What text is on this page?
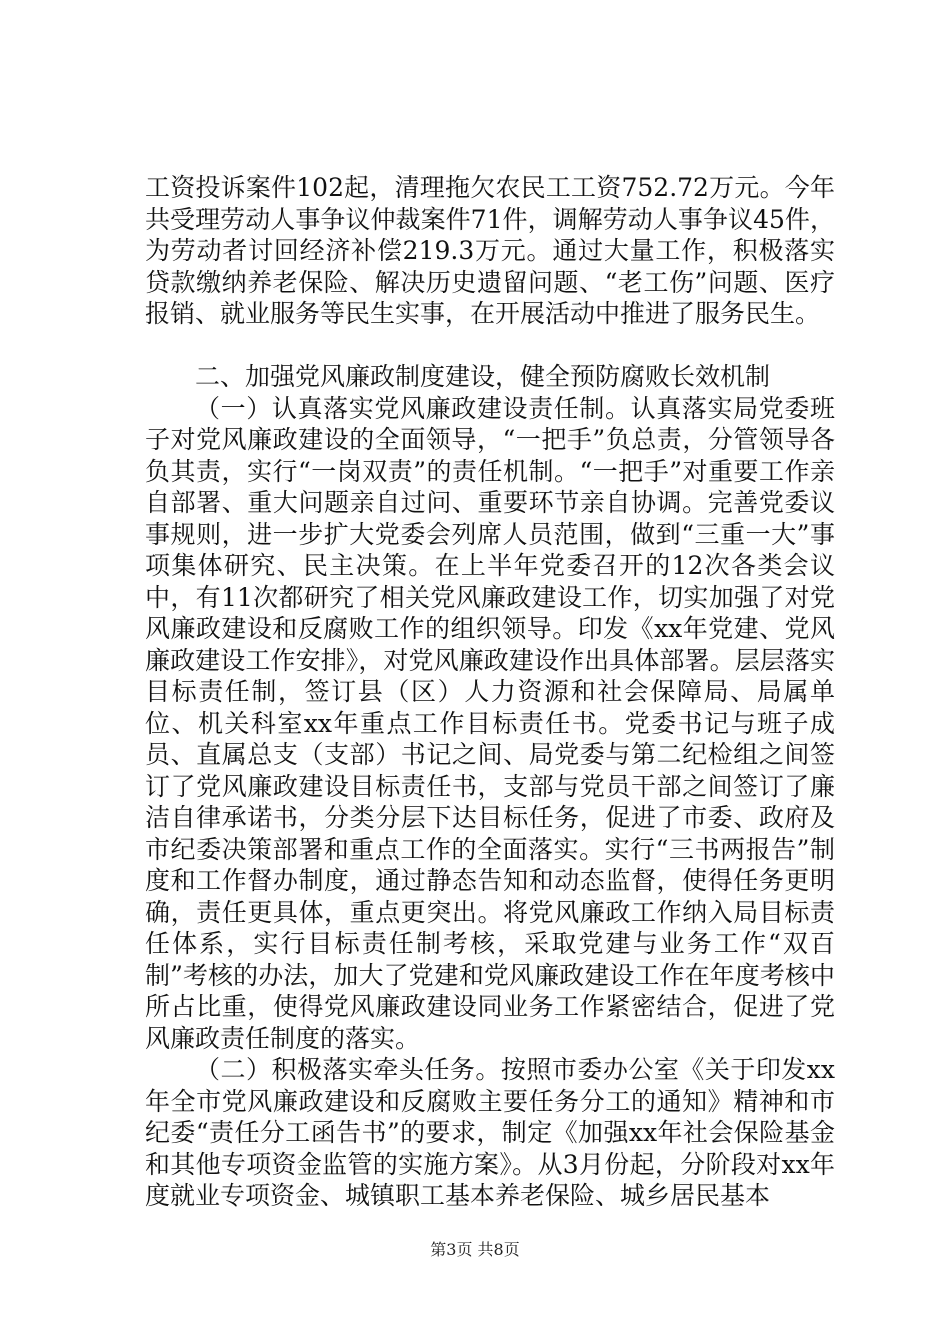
工资投诉案件102起，清理拖欠农民工工资752.72万元。今年共受理劳动人事争议仲裁案件71件，调解劳动人事争议45件，为劳动者讨回经济补偿219.3万元。通过大量工作，积极落实贷款缴纳养老保险、解决历史遗留问题、“老工伤”问题、医疗报销、就业服务等民生实事，在开展活动中推进了服务民生。

二、加强党风廉政制度建设，健全预防腐败长效机制

（一）认真落实党风廉政建设责任制。认真落实局党委班子对党风廉政建设的全面领导，“一把手”负总责，分管领导各负其责，实行“一岗双责”的责任机制。“一把手”对重要工作亲自部署、重大问题亲自过问、重要环节亲自协调。完善党委议事规则，进一步扩大党委会列席人员范围，做到“三重一大”事项集体研究、民主决策。在上半年党委召开的12次各类会议中，有11次都研究了相关党风廉政建设工作，切实加强了对党风廉政建设和反腐败工作的组织领导。印发《xx年党建、党风廉政建设工作安排》，对党风廉政建设作出具体部署。层层落实目标责任制，签订县（区）人力资源和社会保障局、局属单位、机关科室xx年重点工作目标责任书。党委书记与班子成员、直属总支（支部）书记之间、局党委与第二纪检组之间签订了党风廉政建设目标责任书，支部与党员干部之间签订了廉洁自律承诺书，分类分层下达目标任务，促进了市委、政府及市纪委决策部署和重点工作的全面落实。实行“三书两报告”制度和工作督办制度，通过静态告知和动态监督，使得任务更明确，责任更具体，重点更突出。将党风廉政工作纳入局目标责任体系，实行目标责任制考核，采取党建与业务工作“双百制”考核的办法，加大了党建和党风廉政建设工作在年度考核中所占比重，使得党风廉政建设同业务工作紧密结合，促进了党风廉政责任制度的落实。

（二）积极落实牵头任务。按照市委办公室《关于印发xx年全市党风廉政建设和反腐败主要任务分工的通知》精神和市纪委“责任分工函告书”的要求，制定《加强xx年社会保险基金和其他专项资金监管的实施方案》。从3月份起，分阶段对xx年度就业专项资金、城镇职工基本养老保险、城乡居民基本

第3页 共8页
